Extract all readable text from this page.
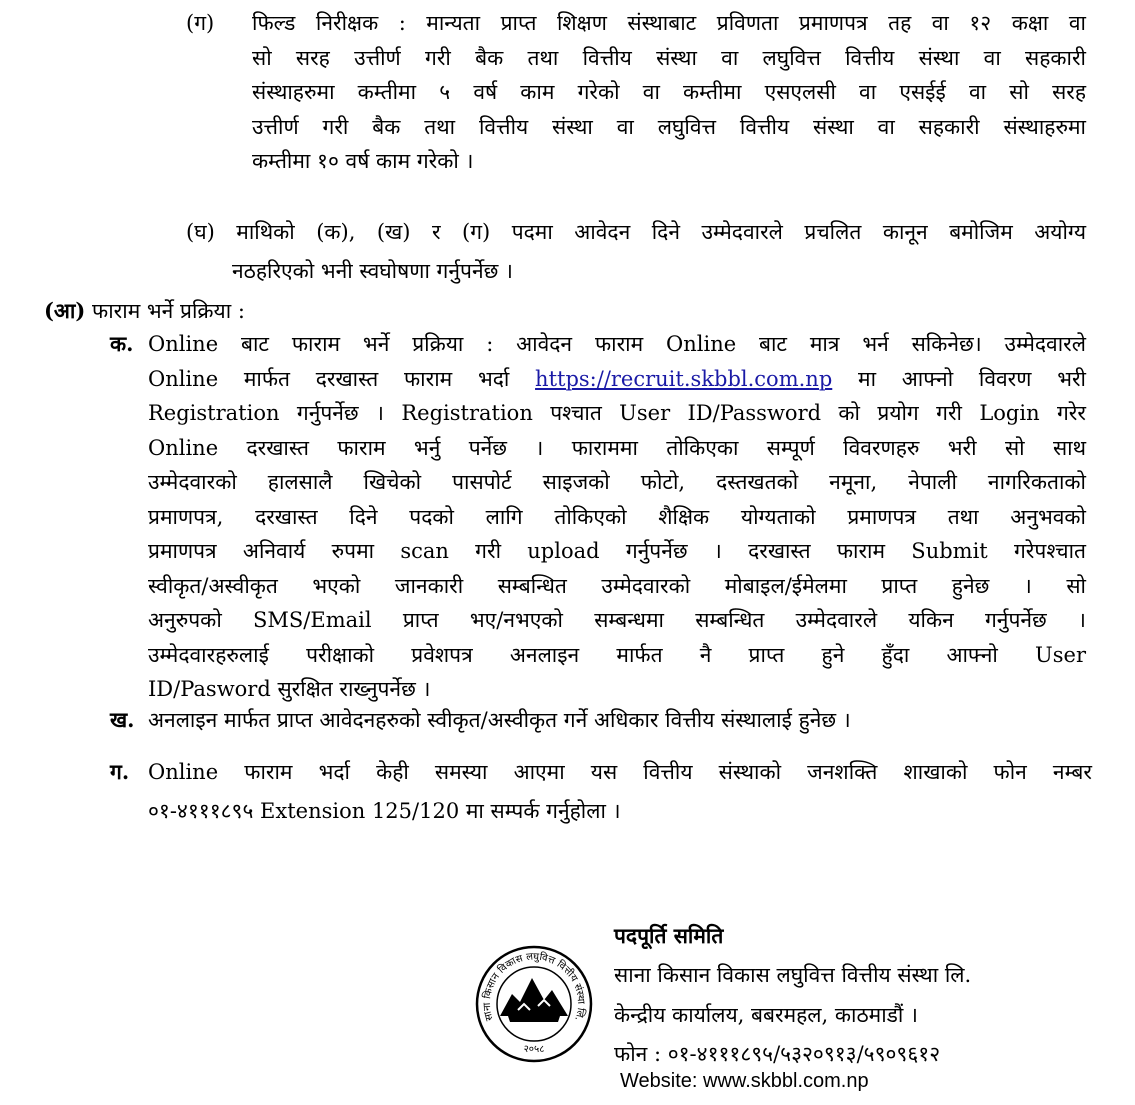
(ग) फिल्ड निरीक्षक : मान्यता प्राप्त शिक्षण संस्थाबाट प्रविणता प्रमाणपत्र तह वा १२ कक्षा वा
सो सरह उत्तीर्ण गरी बैक तथा वित्तीय संस्था वा लघुवित्त वित्तीय संस्था वा सहकारी
संस्थाहरुमा कम्तीमा ५ वर्ष काम गरेको वा कम्तीमा एसएलसी वा एसईई वा सो सरह
उत्तीर्ण गरी बैक तथा वित्तीय संस्था वा लघुवित्त वित्तीय संस्था वा सहकारी संस्थाहरुमा
कम्तीमा १० वर्ष काम गरेको ।
(घ) माथिको (क), (ख) र (ग) पदमा आवेदन दिने उम्मेदवारले प्रचलित कानून बमोजिम अयोग्य
नठहरिएको भनी स्वघोषणा गर्नुपर्नेछ ।
(आ) फाराम भर्ने प्रक्रिया :
क. Online बाट फाराम भर्ने प्रक्रिया : आवेदन फाराम Online बाट मात्र भर्न सकिनेछ। उम्मेदवारले
Online मार्फत दरखास्त फाराम भर्दा https://recruit.skbbl.com.np मा आफ्नो विवरण भरी
Registration गर्नुपर्नेछ । Registration पश्चात User ID/Password को प्रयोग गरी Login गरेर
Online दरखास्त फाराम भर्नु पर्नेछ । फाराममा तोकिएका सम्पूर्ण विवरणहरु भरी सो साथ
उम्मेदवारको हालसालै खिचेको पासपोर्ट साइजको फोटो, दस्तखतको नमूना, नेपाली नागरिकताको
प्रमाणपत्र, दरखास्त दिने पदको लागि तोकिएको शैक्षिक योग्यताको प्रमाणपत्र तथा अनुभवको
प्रमाणपत्र अनिवार्य रुपमा scan गरी upload गर्नुपर्नेछ । दरखास्त फाराम Submit गरेपश्चात
स्वीकृत/अस्वीकृत भएको जानकारी सम्बन्धित उम्मेदवारको मोबाइल/ईमेलमा प्राप्त हुनेछ । सो
अनुरुपको SMS/Email प्राप्त भए/नभएको सम्बन्धमा सम्बन्धित उम्मेदवारले यकिन गर्नुपर्नेछ ।
उम्मेदवारहरुलाई परीक्षाको प्रवेशपत्र अनलाइन मार्फत नै प्राप्त हुने हुँदा आफ्नो User
ID/Pasword सुरक्षित राख्नुपर्नेछ ।
ख. अनलाइन मार्फत प्राप्त आवेदनहरुको स्वीकृत/अस्वीकृत गर्ने अधिकार वित्तीय संस्थालाई हुनेछ ।
ग. Online फाराम भर्दा केही समस्या आएमा यस वित्तीय संस्थाको जनशक्ति शाखाको फोन नम्बर
०१-४१११८९५ Extension 125/120 मा सम्पर्क गर्नुहोला ।
साना किसान विकास लघुवित्त वित्तीय संस्था लि.
२०५८
पदपूर्ति समिति
साना किसान विकास लघुवित्त वित्तीय संस्था लि.
केन्द्रीय कार्यालय, बबरमहल, काठमाडौं ।
फोन : ०१-४१११८९५/५३२०९१३/५९०९६१२
Website: www.skbbl.com.np
